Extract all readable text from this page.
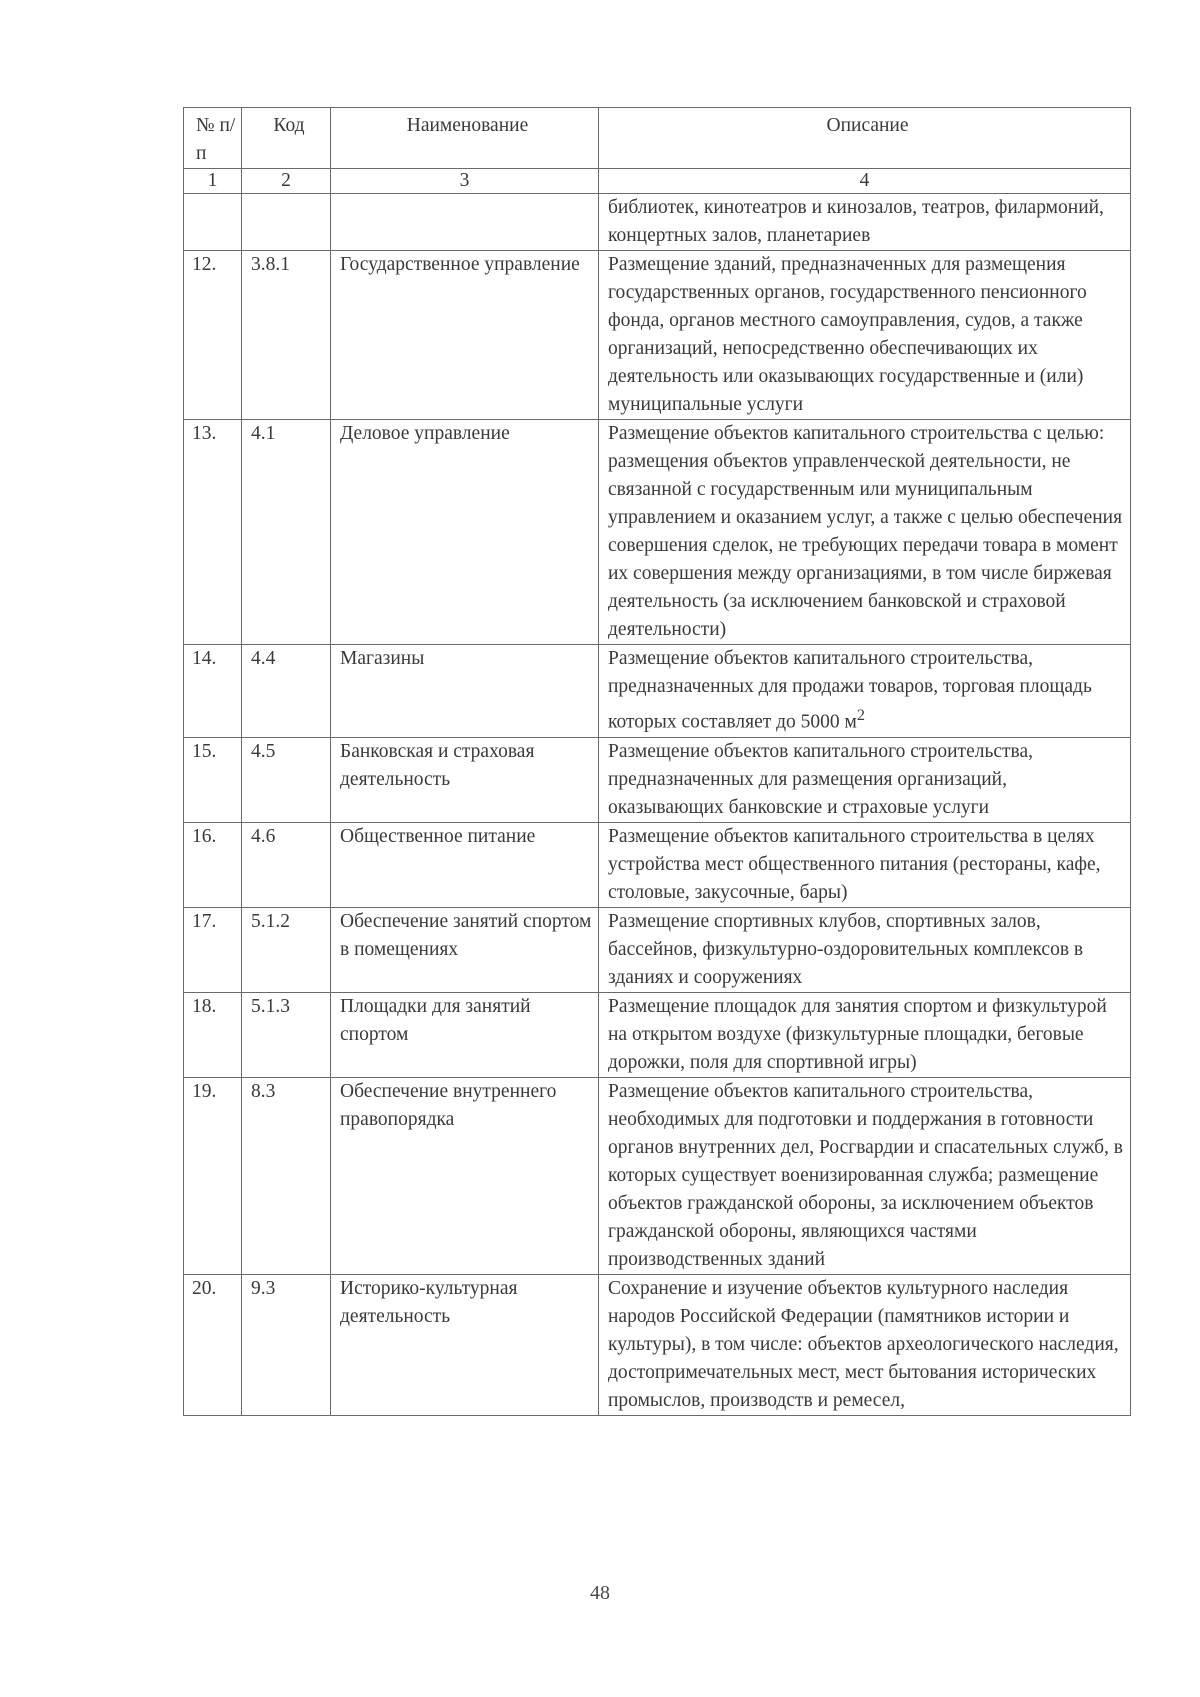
№ п/п	Код	Наименование	Описание
1	2	3	4
			библиотек, кинотеатров и кинозалов, театров, филармоний, концертных залов, планетариев
12.	3.8.1	Государственное управление	Размещение зданий, предназначенных для размещения государственных органов, государственного пенсионного фонда, органов местного самоуправления, судов, а также организаций, непосредственно обеспечивающих их деятельность или оказывающих государственные и (или) муниципальные услуги
13.	4.1	Деловое управление	Размещение объектов капитального строительства с целью: размещения объектов управленческой деятельности, не связанной с государственным или муниципальным управлением и оказанием услуг, а также с целью обеспечения совершения сделок, не требующих передачи товара в момент их совершения между организациями, в том числе биржевая деятельность (за исключением банковской и страховой деятельности)
14.	4.4	Магазины	Размещение объектов капитального строительства, предназначенных для продажи товаров, торговая площадь которых составляет до 5000 $м^2$
15.	4.5	Банковская и страховая деятельность	Размещение объектов капитального строительства, предназначенных для размещения организаций, оказывающих банковские и страховые услуги
16.	4.6	Общественное питание	Размещение объектов капитального строительства в целях устройства мест общественного питания (рестораны, кафе, столовые, закусочные, бары)
17.	5.1.2	Обеспечение занятий спортом в помещениях	Размещение спортивных клубов, спортивных залов, бассейнов, физкультурно-оздоровительных комплексов в зданиях и сооружениях
18.	5.1.3	Площадки для занятий спортом	Размещение площадок для занятия спортом и физкультурой на открытом воздухе (физкультурные площадки, беговые дорожки, поля для спортивной игры)
19.	8.3	Обеспечение внутреннего правопорядка	Размещение объектов капитального строительства, необходимых для подготовки и поддержания в готовности органов внутренних дел, Росгвардии и спасательных служб, в которых существует военизированная служба; размещение объектов гражданской обороны, за исключением объектов гражданской обороны, являющихся частями производственных зданий
20.	9.3	Историко-культурная деятельность	Сохранение и изучение объектов культурного наследия народов Российской Федерации (памятников истории и культуры), в том числе: объектов археологического наследия, достопримечательных мест, мест бытования исторических промыслов, производств и ремесел,
48
